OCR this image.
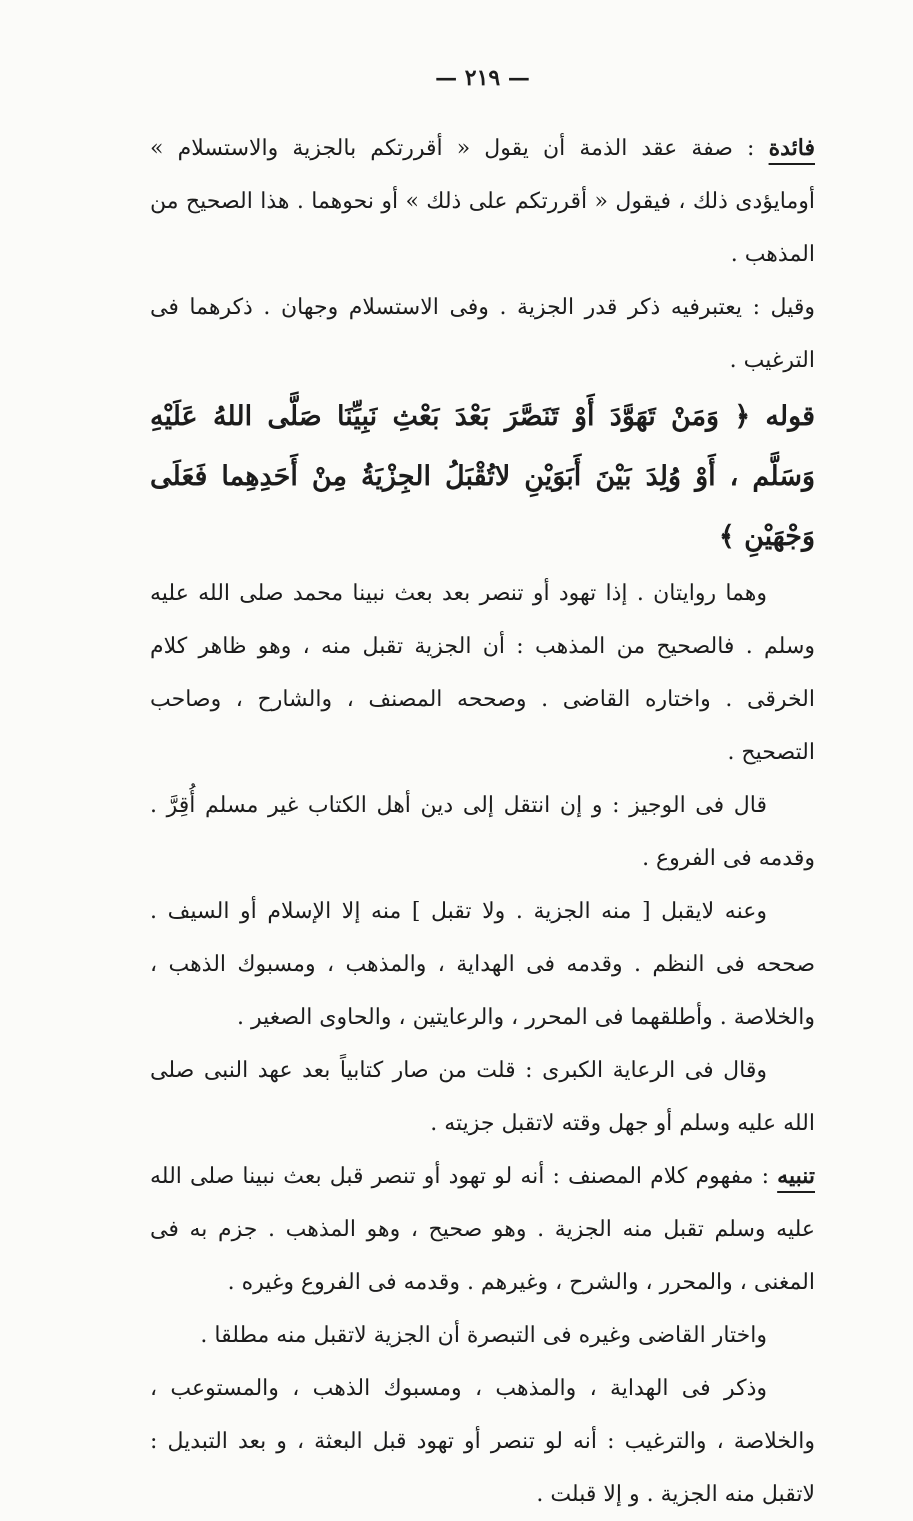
— ٢١٩ —

فائدة : صفة عقد الذمة أن يقول « أقررتكم بالجزية والاستسلام » أومايؤدى ذلك ، فيقول « أقررتكم على ذلك » أو نحوهما . هذا الصحيح من المذهب .

وقيل : يعتبرفيه ذكر قدر الجزية . وفى الاستسلام وجهان . ذكرهما فى الترغيب .

قوله ﴿ وَمَنْ تَهَوَّدَ أَوْ تَنَصَّرَ بَعْدَ بَعْثِ نَبِيِّنَا صَلَّى اللهُ عَلَيْهِ وَسَلَّم ، أَوْ وُلِدَ بَيْنَ أَبَوَيْنِ لاتُقْبَلُ الجِزْيَةُ مِنْ أَحَدِهِما فَعَلَى وَجْهَيْنِ ﴾

وهما روايتان . إذا تهود أو تنصر بعد بعث نبينا محمد صلى الله عليه وسلم . فالصحيح من المذهب : أن الجزية تقبل منه ، وهو ظاهر كلام الخرقى . واختاره القاضى . وصححه المصنف ، والشارح ، وصاحب التصحيح .

قال فى الوجيز : و إن انتقل إلى دين أهل الكتاب غير مسلم أُقِرَّ . وقدمه فى الفروع .

وعنه لايقبل [ منه الجزية . ولا تقبل ] منه إلا الإسلام أو السيف . صححه فى النظم . وقدمه فى الهداية ، والمذهب ، ومسبوك الذهب ، والخلاصة . وأطلقهما فى المحرر ، والرعايتين ، والحاوى الصغير .

وقال فى الرعاية الكبرى : قلت من صار كتابياً بعد عهد النبى صلى الله عليه وسلم أو جهل وقته لاتقبل جزيته .

تنبيه : مفهوم كلام المصنف : أنه لو تهود أو تنصر قبل بعث نبينا صلى الله عليه وسلم تقبل منه الجزية . وهو صحيح ، وهو المذهب . جزم به فى المغنى ، والمحرر ، والشرح ، وغيرهم . وقدمه فى الفروع وغيره .

واختار القاضى وغيره فى التبصرة أن الجزية لاتقبل منه مطلقا .

وذكر فى الهداية ، والمذهب ، ومسبوك الذهب ، والمستوعب ، والخلاصة ، والترغيب : أنه لو تنصر أو تهود قبل البعثة ، و بعد التبديل : لاتقبل منه الجزية . و إلا قبلت .
